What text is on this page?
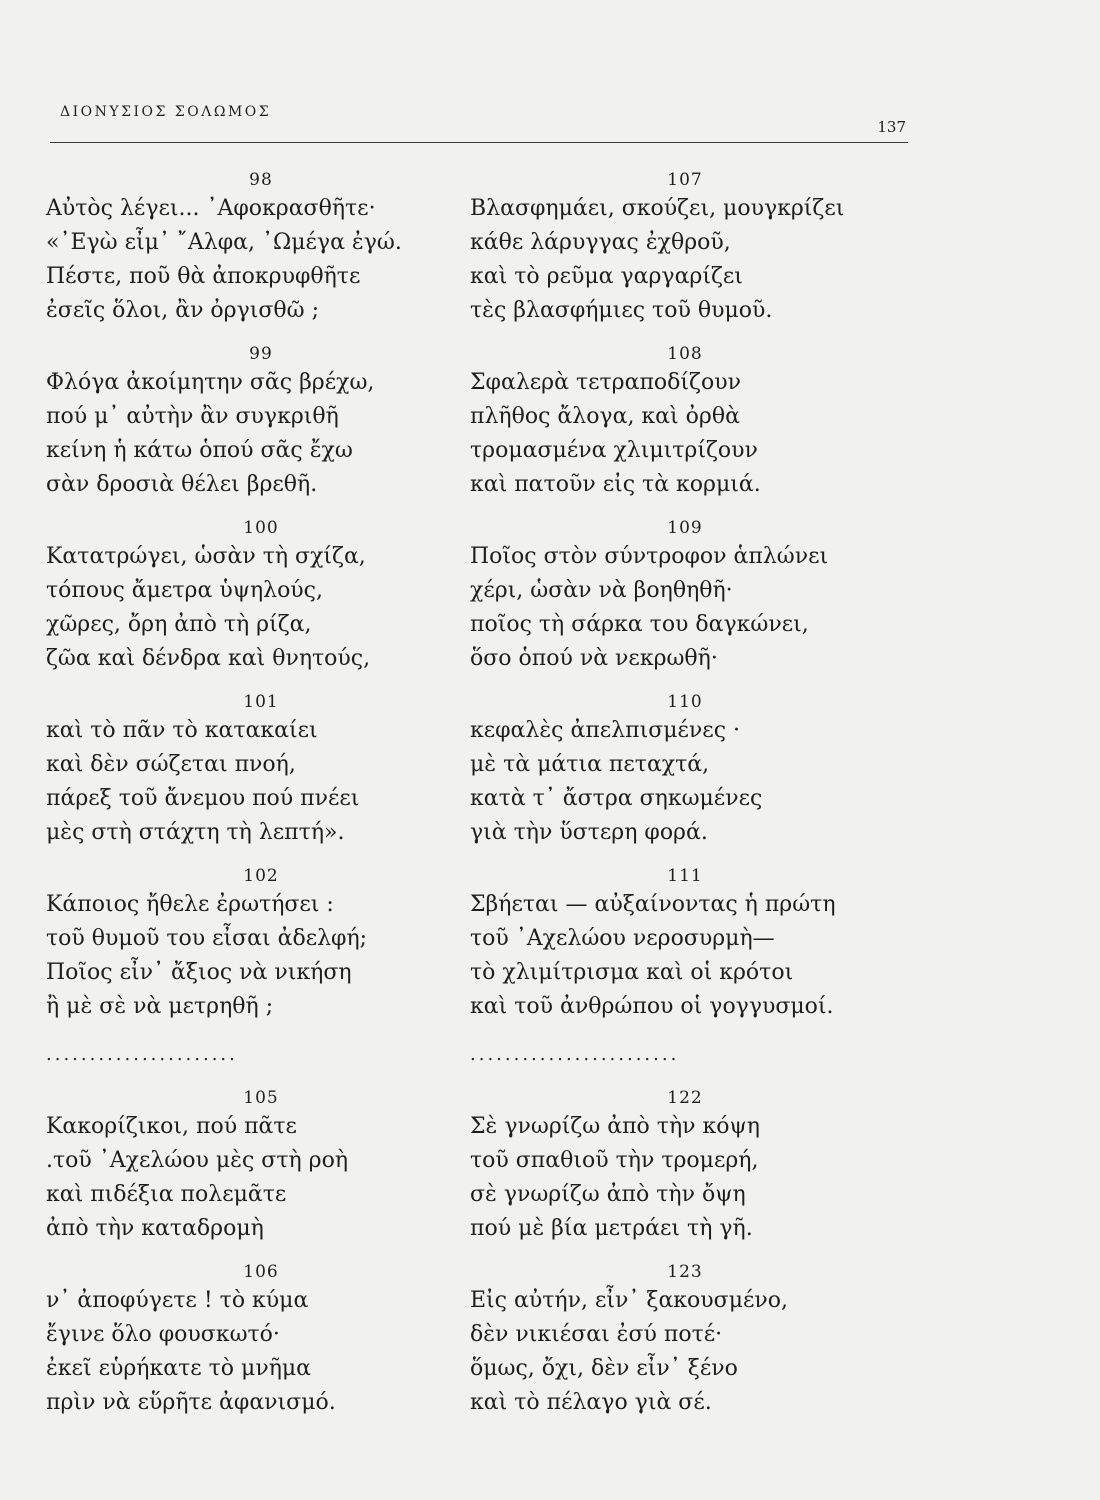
ΔΙΟΝΥΣΙΟΣ ΣΟΛΩΜΟΣ
137
98
Αὐτὸς λέγει... ᾿Αφοκρασθῆτε·
«᾿Εγὼ εἶμ᾿ ῎Αλφα, ᾿Ωμέγα ἐγώ.
Πέστε, ποῦ θὰ ἀποκρυφθῆτε
ἐσεῖς ὅλοι, ἂν ὀργισθῶ ;
99
Φλόγα ἀκοίμητην σᾶς βρέχω,
πού μ᾿ αὐτὴν ἂν συγκριθῆ
κείνη ἡ κάτω ὁπού σᾶς ἔχω
σὰν δροσιὰ θέλει βρεθῆ.
100
Κατατρώγει, ὡσὰν τὴ σχίζα,
τόπους ἄμετρα ὑψηλούς,
χῶρες, ὄρη ἀπὸ τὴ ρίζα,
ζῶα καὶ δένδρα καὶ θνητούς,
101
καὶ τὸ πᾶν τὸ κατακαίει
καὶ δὲν σώζεται πνοή,
πάρεξ τοῦ ἄνεμου πού πνέει
μὲς στὴ στάχτη τὴ λεπτή».
102
Κάποιος ἤθελε ἐρωτήσει :
τοῦ θυμοῦ του εἶσαι ἀδελφή;
Ποῖος εἶν᾿ ἄξιος νὰ νικήση
ἢ μὲ σὲ νὰ μετρηθῆ ;
......................
105
Κακορίζικοι, πού πᾶτε
.τοῦ ᾿Αχελώου μὲς στὴ ροὴ
καὶ πιδέξια πολεμᾶτε
ἀπὸ τὴν καταδρομὴ
106
ν᾿ ἀποφύγετε ! τὸ κύμα
ἔγινε ὅλο φουσκωτό·
ἐκεῖ εὑρήκατε τὸ μνῆμα
πρὶν νὰ εὕρῆτε ἀφανισμό.
107
Βλασφημάει, σκούζει, μουγκρίζει
κάθε λάρυγγας ἐχθροῦ,
καὶ τὸ ρεῦμα γαργαρίζει
τὲς βλασφήμιες τοῦ θυμοῦ.
108
Σφαλερὰ τετραποδίζουν
πλῆθος ἄλογα, καὶ ὀρθὰ
τρομασμένα χλιμιτρίζουν
καὶ πατοῦν εἰς τὰ κορμιά.
109
Ποῖος στὸν σύντροφον ἁπλώνει
χέρι, ὡσὰν νὰ βοηθηθῆ·
ποῖος τὴ σάρκα του δαγκώνει,
ὅσο ὁπού νὰ νεκρωθῆ·
110
κεφαλὲς ἀπελπισμένες ·
μὲ τὰ μάτια πεταχτά,
κατὰ τ᾿ ἄστρα σηκωμένες
γιὰ τὴν ὕστερη φορά.
111
Σβήεται — αὐξαίνοντας ἡ πρώτη
τοῦ ᾿Αχελώου νεροσυρμὴ—
τὸ χλιμίτρισμα καὶ οἱ κρότοι
καὶ τοῦ ἀνθρώπου οἱ γογγυσμοί.
........................
122
Σὲ γνωρίζω ἀπὸ τὴν κόψη
τοῦ σπαθιοῦ τὴν τρομερή,
σὲ γνωρίζω ἀπὸ τὴν ὄψη
πού μὲ βία μετράει τὴ γῆ.
123
Εἰς αὐτήν, εἶν᾿ ξακουσμένο,
δὲν νικιέσαι ἐσύ ποτέ·
ὅμως, ὄχι, δὲν εἶν᾿ ξένο
καὶ τὸ πέλαγο γιὰ σέ.
